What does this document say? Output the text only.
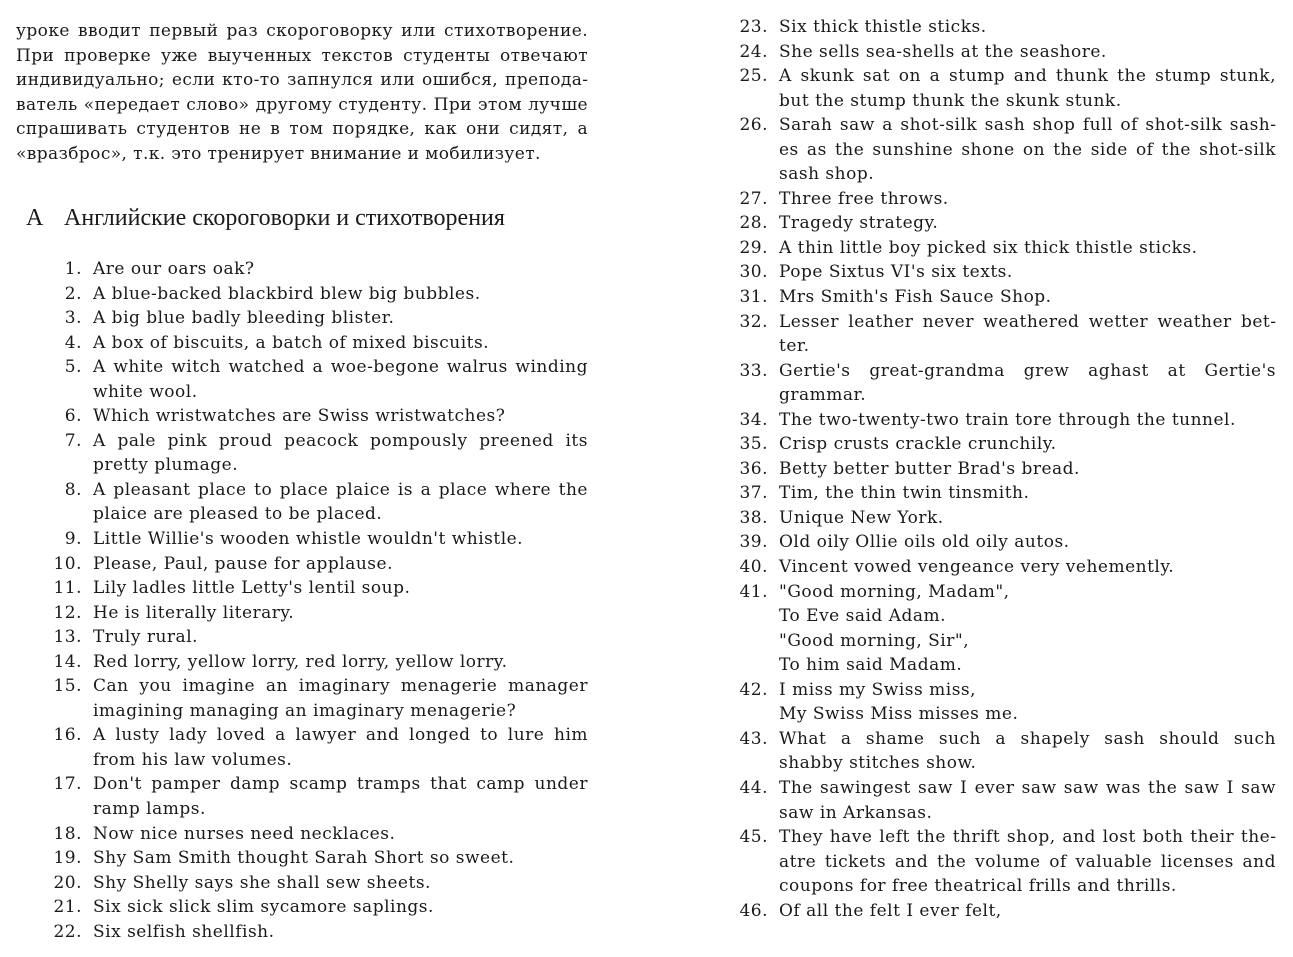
уроке вводит первый раз скороговорку или стихотворение. При проверке уже выученных текстов студенты отвечают индивидуально; если кто-то запнулся или ошибся, преподаватель «передает слово» другому студенту. При этом лучше спрашивать студентов не в том порядке, как они сидят, а «вразброс», т.к. это тренирует внимание и мобилизует.

А Английские скороговорки и стихотворения
1. Are our oars oak?
2. A blue-backed blackbird blew big bubbles.
3. A big blue badly bleeding blister.
4. A box of biscuits, a batch of mixed biscuits.
5. A white witch watched a woe-begone walrus winding white wool.
6. Which wristwatches are Swiss wristwatches?
7. A pale pink proud peacock pompously preened its pretty plumage.
8. A pleasant place to place plaice is a place where the plaice are pleased to be placed.
9. Little Willie's wooden whistle wouldn't whistle.
10. Please, Paul, pause for applause.
11. Lily ladles little Letty's lentil soup.
12. He is literally literary.
13. Truly rural.
14. Red lorry, yellow lorry, red lorry, yellow lorry.
15. Can you imagine an imaginary menagerie manager imagining managing an imaginary menagerie?
16. A lusty lady loved a lawyer and longed to lure him from his law volumes.
17. Don't pamper damp scamp tramps that camp under ramp lamps.
18. Now nice nurses need necklaces.
19. Shy Sam Smith thought Sarah Short so sweet.
20. Shy Shelly says she shall sew sheets.
21. Six sick slick slim sycamore saplings.
22. Six selfish shellfish.
23. Six thick thistle sticks.
24. She sells sea-shells at the seashore.
25. A skunk sat on a stump and thunk the stump stunk, but the stump thunk the skunk stunk.
26. Sarah saw a shot-silk sash shop full of shot-silk sashes as the sunshine shone on the side of the shot-silk sash shop.
27. Three free throws.
28. Tragedy strategy.
29. A thin little boy picked six thick thistle sticks.
30. Pope Sixtus VI's six texts.
31. Mrs Smith's Fish Sauce Shop.
32. Lesser leather never weathered wetter weather better.
33. Gertie's great-grandma grew aghast at Gertie's grammar.
34. The two-twenty-two train tore through the tunnel.
35. Crisp crusts crackle crunchily.
36. Betty better butter Brad's bread.
37. Tim, the thin twin tinsmith.
38. Unique New York.
39. Old oily Ollie oils old oily autos.
40. Vincent vowed vengeance very vehemently.
41. "Good morning, Madam",
To Eve said Adam.
"Good morning, Sir",
To him said Madam.
42. I miss my Swiss miss,
My Swiss Miss misses me.
43. What a shame such a shapely sash should such shabby stitches show.
44. The sawingest saw I ever saw saw was the saw I saw saw in Arkansas.
45. They have left the thrift shop, and lost both their theatre tickets and the volume of valuable licenses and coupons for free theatrical frills and thrills.
46. Of all the felt I ever felt,
